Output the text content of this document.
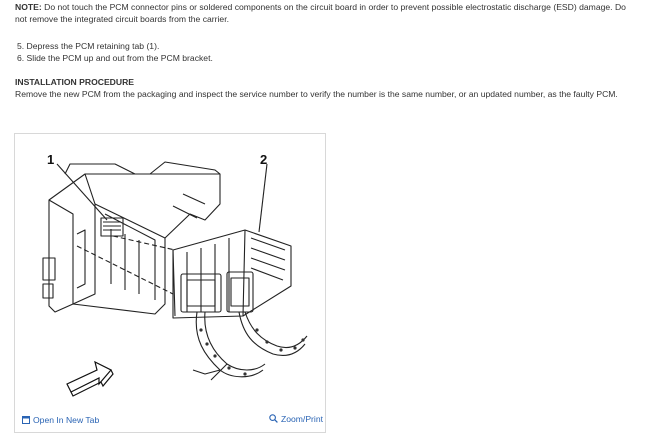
NOTE: Do not touch the PCM connector pins or soldered components on the circuit board in order to prevent possible electrostatic discharge (ESD) damage. Do not remove the integrated circuit boards from the carrier.

5. Depress the PCM retaining tab (1).
6. Slide the PCM up and out from the PCM bracket.
INSTALLATION PROCEDURE

Remove the new PCM from the packaging and inspect the service number to verify the number is the same number, or an updated number, as the faulty PCM.

1	2
Open In New Tab	Zoom/Print
